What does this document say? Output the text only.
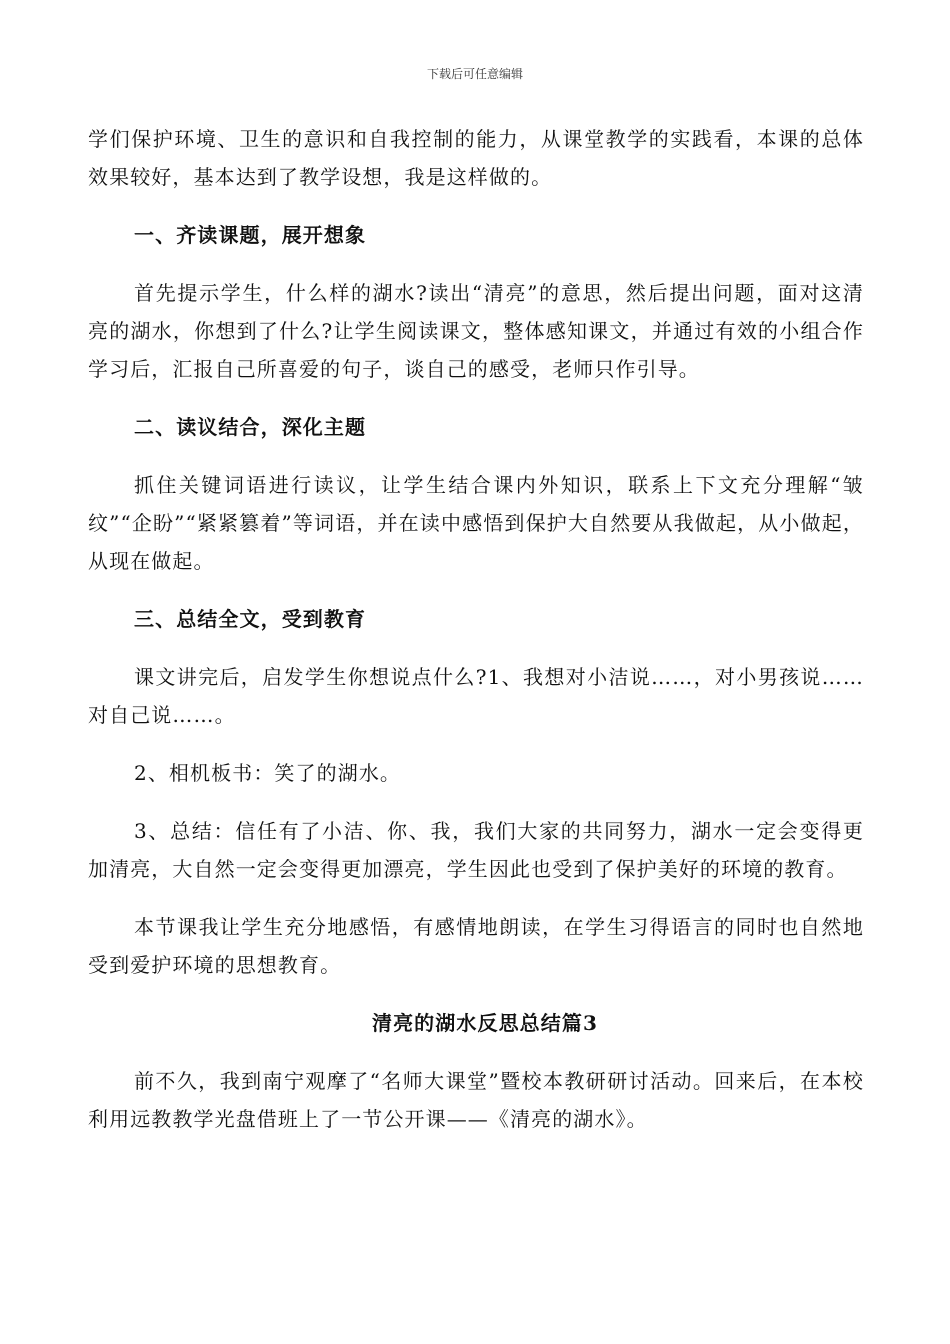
下载后可任意编辑

学们保护环境、卫生的意识和自我控制的能力，从课堂教学的实践看，本课的总体效果较好，基本达到了教学设想，我是这样做的。

一、齐读课题，展开想象

首先提示学生，什么样的湖水?读出“清亮”的意思，然后提出问题，面对这清亮的湖水，你想到了什么?让学生阅读课文，整体感知课文，并通过有效的小组合作学习后，汇报自己所喜爱的句子，谈自己的感受，老师只作引导。

二、读议结合，深化主题

抓住关键词语进行读议，让学生结合课内外知识，联系上下文充分理解“皱纹”“企盼”“紧紧篡着”等词语，并在读中感悟到保护大自然要从我做起，从小做起，从现在做起。

三、总结全文，受到教育

课文讲完后，启发学生你想说点什么?1、我想对小洁说……，对小男孩说……对自己说……。

2、相机板书：笑了的湖水。

3、总结：信任有了小洁、你、我，我们大家的共同努力，湖水一定会变得更加清亮，大自然一定会变得更加漂亮，学生因此也受到了保护美好的环境的教育。

本节课我让学生充分地感悟，有感情地朗读，在学生习得语言的同时也自然地受到爱护环境的思想教育。

清亮的湖水反思总结篇3

前不久，我到南宁观摩了“名师大课堂”暨校本教研研讨活动。回来后，在本校利用远教教学光盘借班上了一节公开课——《清亮的湖水》。
